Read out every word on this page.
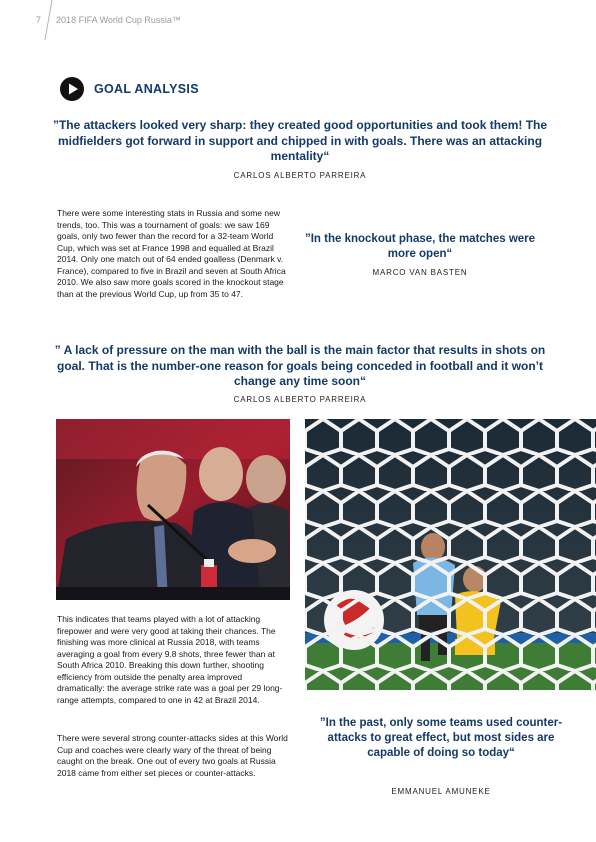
7 2018 FIFA World Cup Russia™
GOAL ANALYSIS
”The attackers looked very sharp: they created good opportunities and took them! The midfielders got forward in support and chipped in with goals. There was an attacking mentality“
CARLOS ALBERTO PARREIRA

There were some interesting stats in Russia and some new trends, too. This was a tournament of goals: we saw 169 goals, only two fewer than the record for a 32-team World Cup, which was set at France 1998 and equalled at Brazil 2014. Only one match out of 64 ended goalless (Denmark v. France), compared to five in Brazil and seven at South Africa 2010. We also saw more goals scored in the knockout stage than at the previous World Cup, up from 35 to 47.

”In the knockout phase, the matches were more open“
MARCO VAN BASTEN
” A lack of pressure on the man with the ball is the main factor that results in shots on goal. That is the number-one reason for goals being conceded in football and it won’t change any time soon“
CARLOS ALBERTO PARREIRA

This indicates that teams played with a lot of attacking firepower and were very good at taking their chances. The finishing was more clinical at Russia 2018, with teams averaging a goal from every 9.8 shots, three fewer than at South Africa 2010. Breaking this down further, shooting efficiency from outside the penalty area improved dramatically: the average strike rate was a goal per 29 long-range attempts, compared to one in 42 at Brazil 2014.

There were several strong counter-attacks sides at this World Cup and coaches were clearly wary of the threat of being caught on the break. One out of every two goals at Russia 2018 came from either set pieces or counter-attacks.

”In the past, only some teams used counter-attacks to great effect, but most sides are capable of doing so today“
EMMANUEL AMUNEKE
